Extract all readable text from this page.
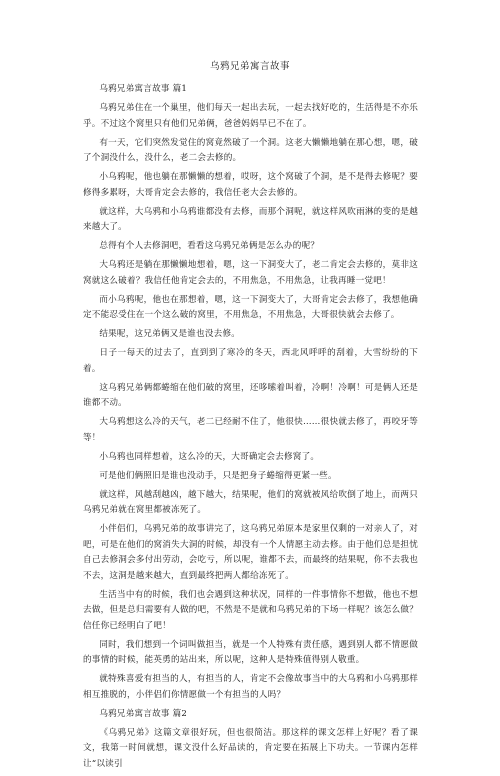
乌鸦兄弟寓言故事
乌鸦兄弟寓言故事 篇1

乌鸦兄弟住在一个巢里，他们每天一起出去玩，一起去找好吃的，生活得是不亦乐乎。不过这个窝里只有他们兄弟俩，爸爸妈妈早已不在了。

有一天，它们突然发觉住的窝竟然破了一个洞。这老大懒懒地躺在那心想，嗯，破了个洞没什么，没什么，老二会去修的。

小乌鸦呢，他也躺在那懒懒的想着，哎呀，这个窝破了个洞，是不是得去修呢？要修得多累呀，大哥肯定会去修的，我信任老大会去修的。

就这样，大乌鸦和小乌鸦谁都没有去修，而那个洞呢，就这样风吹雨淋的变的是越来越大了。

总得有个人去修洞吧，看看这乌鸦兄弟俩是怎么办的呢？

大乌鸦还是躺在那懒懒地想着，嗯，这一下洞变大了，老二肯定会去修的，莫非这窝就这么破着？我信任他肯定会去的，不用焦急，不用焦急，让我再睡一觉吧！

而小乌鸦呢，他也在那想着，嗯，这一下洞变大了，大哥肯定会去修了，我想他确定不能忍受住在一个这么破的窝里，不用焦急，不用焦急，大哥很快就会去修了。

结果呢，这兄弟俩又是谁也没去修。

日子一每天的过去了，直到到了寒冷的冬天，西北风呼呼的刮着，大雪纷纷的下着。

这乌鸦兄弟俩都蜷缩在他们破的窝里，还哆嗦着叫着，冷啊！冷啊！可是俩人还是谁都不动。

大乌鸦想这么冷的天气，老二已经耐不住了，他很快……很快就去修了，再咬牙等等！

小乌鸦也同样想着，这么冷的天，大哥确定会去修窝了。

可是他们俩照旧是谁也没动手，只是把身子蜷缩得更紧一些。

就这样，风越刮越凶，越下越大，结果呢，他们的窝就被风给吹倒了地上，而两只乌鸦兄弟就在窝里都被冻死了。

小伴侣们，乌鸦兄弟的故事讲完了，这乌鸦兄弟原本是家里仅剩的一对亲人了，对吧，可是在他们的窝消失大洞的时候，却没有一个人情愿主动去修。由于他们总是担忧自己去修洞会多付出劳动，会吃亏，所以呢，谁都不去，而最终的结果呢，你不去我也不去，这洞是越来越大，直到最终把两人都给冻死了。

生活当中有的时候，我们也会遇到这种状况，同样的一件事情你不想做，他也不想去做，但是总归需要有人做的吧，不然是不是就和乌鸦兄弟的下场一样呢？该怎么做？信任你已经明白了吧！

同时，我们想到一个词叫做担当，就是一个人特殊有责任感，遇到别人都不情愿做的事情的时候，能英勇的站出来，所以呢，这种人是特殊值得别人敬重。

就特殊喜爱有担当的人，有担当的人，肯定不会像故事当中的大乌鸦和小乌鸦那样相互推脱的，小伴侣们你情愿做一个有担当的人吗？

乌鸦兄弟寓言故事 篇2

《乌鸦兄弟》这篇文章很好玩，但也很简洁。那这样的课文怎样上好呢？看了课文，我第一时间就想，课文没什么好品读的，肯定要在拓展上下功夫。一节课内怎样让“以读引
